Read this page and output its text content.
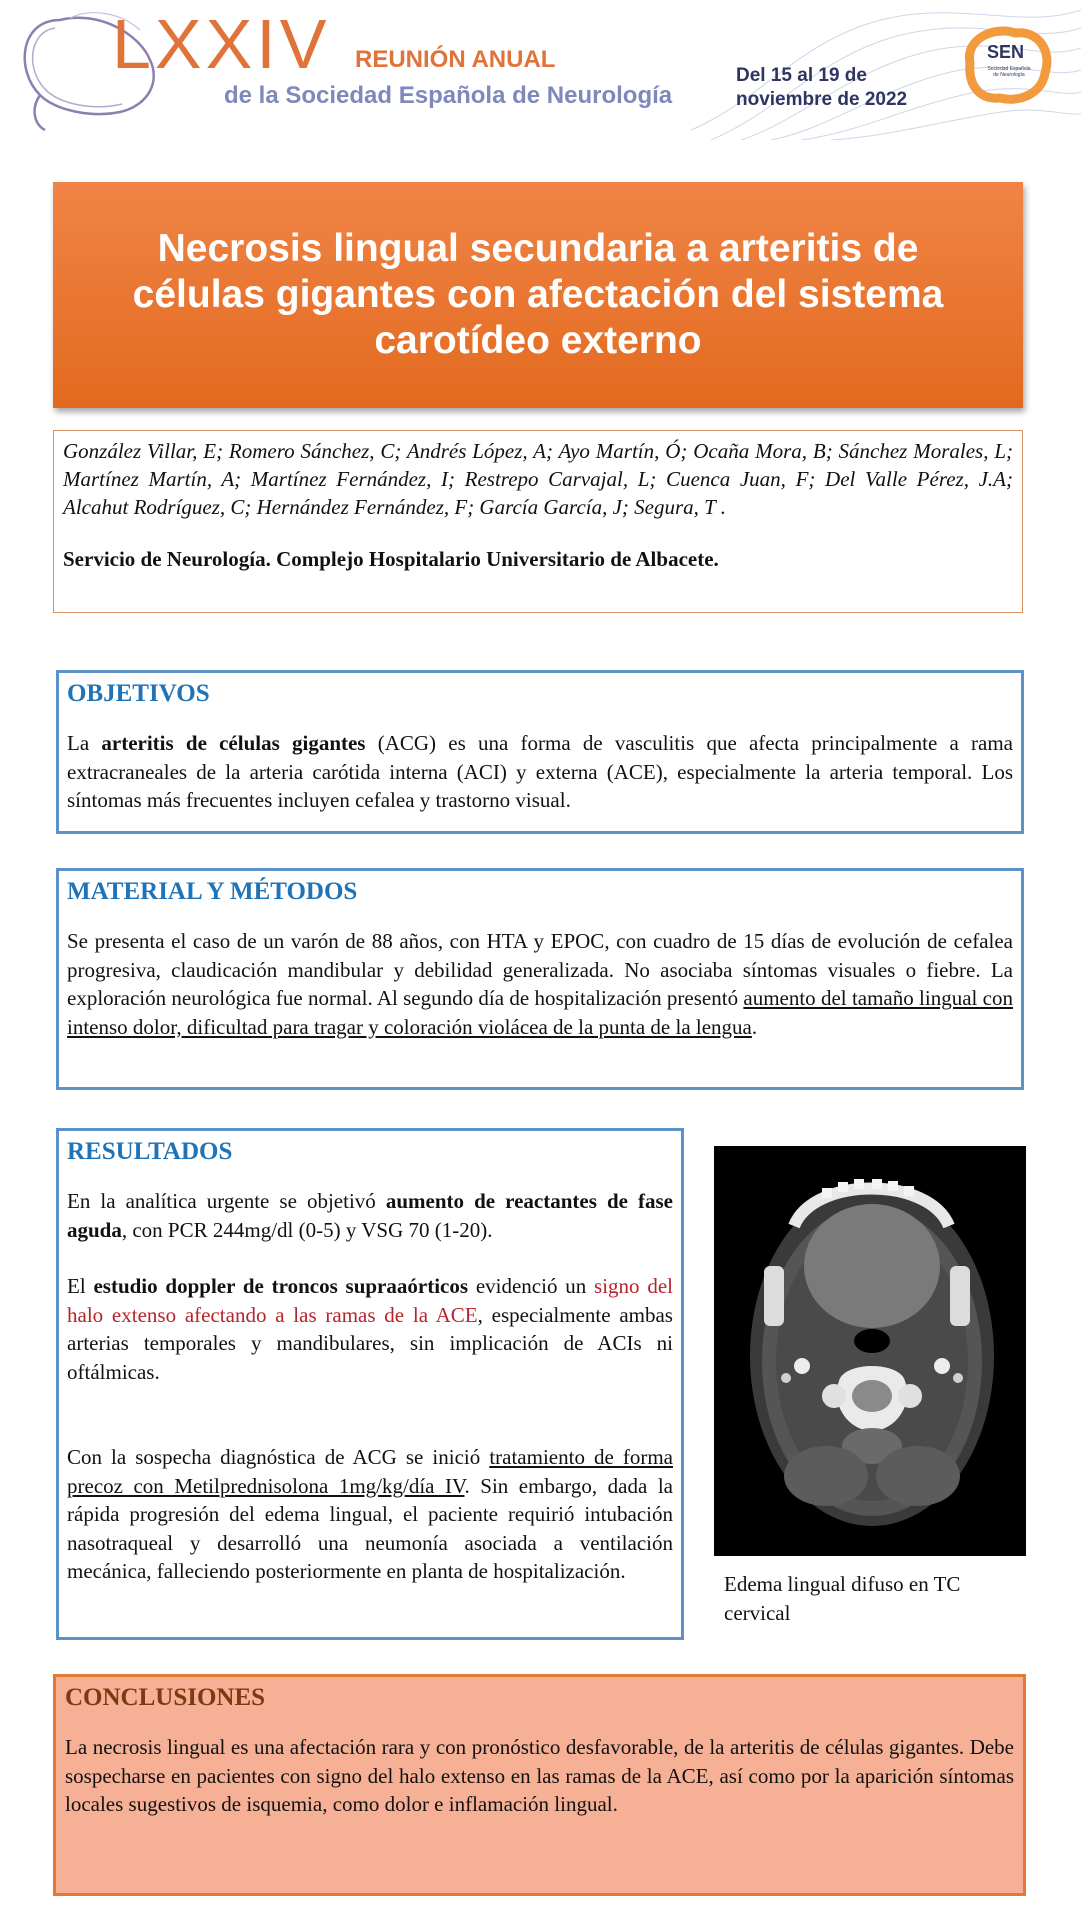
LXXIV REUNIÓN ANUAL
de la Sociedad Española de Neurología
Del 15 al 19 de
noviembre de 2022
SEN
Sociedad Española de Neurología
Necrosis lingual secundaria a arteritis de células gigantes con afectación del sistema carotídeo externo
González Villar, E; Romero Sánchez, C; Andrés López, A; Ayo Martín, Ó; Ocaña Mora, B; Sánchez Morales, L; Martínez Martín, A; Martínez Fernández, I; Restrepo Carvajal, L; Cuenca Juan, F; Del Valle Pérez, J.A; Alcahut Rodríguez, C; Hernández Fernández, F; García García, J; Segura, T .
Servicio de Neurología. Complejo Hospitalario Universitario de Albacete.
OBJETIVOS
La arteritis de células gigantes (ACG) es una forma de vasculitis que afecta principalmente a rama extracraneales de la arteria carótida interna (ACI) y externa (ACE), especialmente la arteria temporal. Los síntomas más frecuentes incluyen cefalea y trastorno visual.
MATERIAL Y MÉTODOS
Se presenta el caso de un varón de 88 años, con HTA y EPOC, con cuadro de 15 días de evolución de cefalea progresiva, claudicación mandibular y debilidad generalizada. No asociaba síntomas visuales o fiebre. La exploración neurológica fue normal. Al segundo día de hospitalización presentó aumento del tamaño lingual con intenso dolor, dificultad para tragar y coloración violácea de la punta de la lengua.
RESULTADOS

En la analítica urgente se objetivó aumento de reactantes de fase aguda, con PCR 244mg/dl (0-5) y VSG 70 (1-20).

El estudio doppler de troncos supraaórticos evidenció un signo del halo extenso afectando a las ramas de la ACE, especialmente ambas arterias temporales y mandibulares, sin implicación de ACIs ni oftálmicas.

Con la sospecha diagnóstica de ACG se inició tratamiento de forma precoz con Metilprednisolona 1mg/kg/día IV. Sin embargo, dada la rápida progresión del edema lingual, el paciente requirió intubación nasotraqueal y desarrolló una neumonía asociada a ventilación mecánica, falleciendo posteriormente en planta de hospitalización.

Edema lingual difuso en TC cervical
CONCLUSIONES
La necrosis lingual es una afectación rara y con pronóstico desfavorable, de la arteritis de células gigantes. Debe sospecharse en pacientes con signo del halo extenso en las ramas de la ACE, así como por la aparición síntomas locales sugestivos de isquemia, como dolor e inflamación lingual.
